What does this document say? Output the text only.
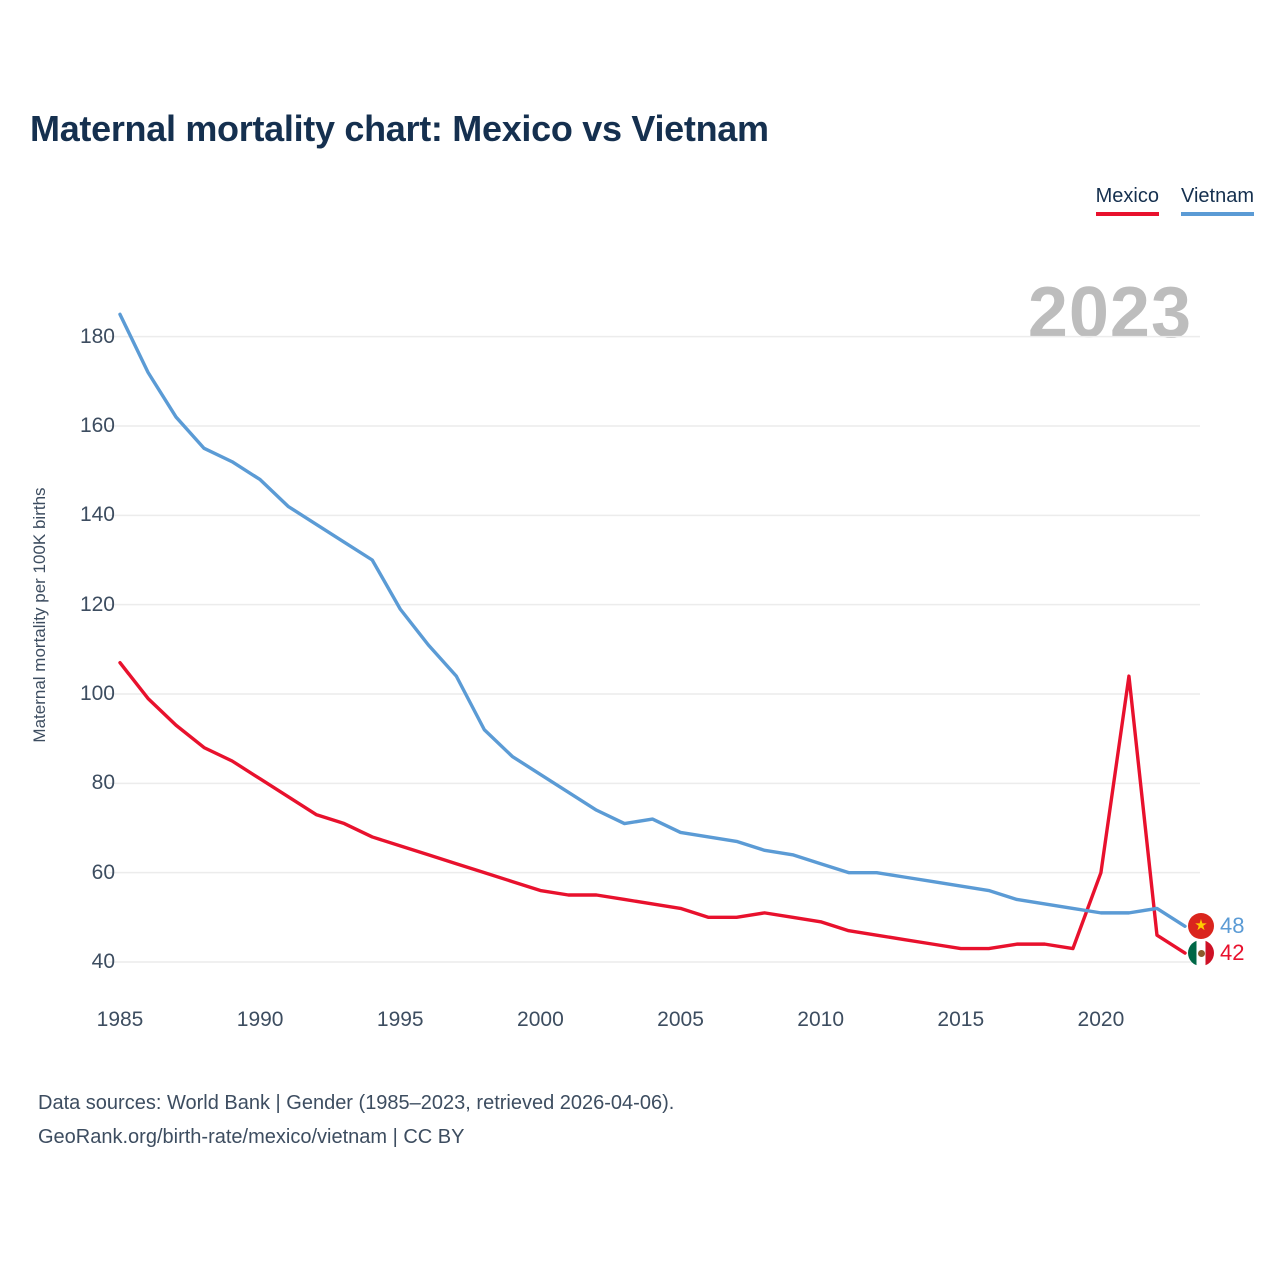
Maternal mortality chart: Mexico vs Vietnam
Mexico Vietnam
2023
Maternal mortality per 100K births
40
60
80
100
120
140
160
180
1985	1990	1995	2000	2005	2010	2015	2020
★ 48
42
Data sources: World Bank | Gender (1985–2023, retrieved 2026-04-06).
GeoRank.org/birth-rate/mexico/vietnam | CC BY
